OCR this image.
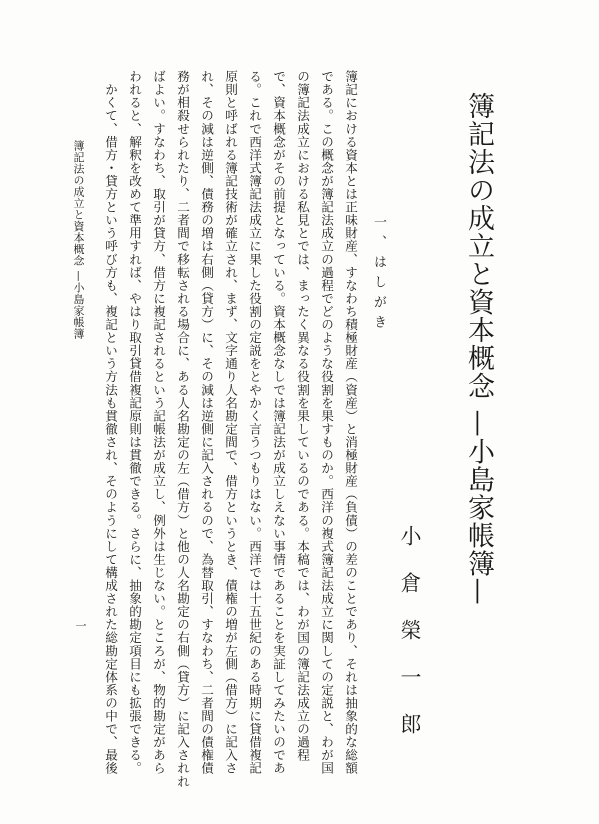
簿記法の成立と資本概念 —小島家帳簿—
小倉榮一郎
一、はしがき
簿記における資本とは正味財産、すなわち積極財産（資産）と消極財産（負債）の差のことであり、それは抽象的な総額
である。この概念が簿記法成立の過程でどのような役割を果すものか。西洋の複式簿記法成立に関しての定説と、わが国
の簿記法成立における私見とでは、まったく異なる役割を果しているのである。本稿では、わが国の簿記法成立の過程
で、資本概念がその前提となっている。資本概念なしでは簿記法が成立しえない事情であることを実証してみたいのであ
る。これで西洋式簿記法成立に果した役割の定説をとやかく言うつもりはない。西洋では十五世紀のある時期に貸借複記
原則と呼ばれる簿記技術が確立され、まず、文字通り人名勘定間で、借方というとき、債権の増が左側（借方）に記入さ
れ、その減は逆側、債務の増は右側（貸方）に、その減は逆側に記入されるので、為替取引、すなわち、二者間の債権債
務が相殺せられたり、二者間で移転される場合に、ある人名勘定の左（借方）と他の人名勘定の右側（貸方）に記入されれ
ばよい。すなわち、取引が貸方、借方に複記されるという記帳法が成立し、例外は生じない。ところが、物的勘定があら
われると、解釈を改めて準用すれば、やはり取引貸借複記原則は貫徹できる。さらに、抽象的勘定項目にも拡張できる。
　かくて、借方・貸方という呼び方も、複記という方法も貫徹され、そのようにして構成された総勘定体系の中で、最後
簿記法の成立と資本概念 —小島家帳簿
一
